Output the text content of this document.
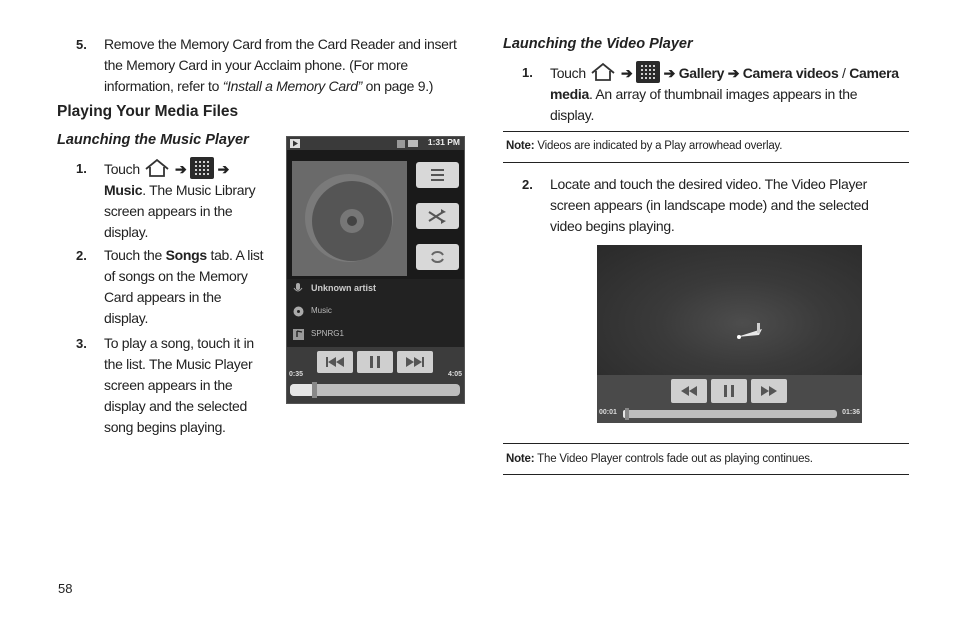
5. Remove the Memory Card from the Card Reader and insert
the Memory Card in your Acclaim phone. (For more
information, refer to “Install a Memory Card” on page 9.)
Playing Your Media Files
Launching the Music Player
1. Touch	➔ ➔
Music. The Music Library
screen appears in the
display.
2. Touch the Songs tab. A list
of songs on the Memory
Card appears in the
display.
3. To play a song, touch it in
the list. The Music Player
screen appears in the
display and the selected
song begins playing.
1:31 PM
Unknown artist
Music
SPNRG1
0:35	4:05
Launching the Video Player
1. Touch	➔ ➔ Gallery ➔ Camera videos / Camera
media. An array of thumbnail images appears in the
display.
Note: Videos are indicated by a Play arrowhead overlay.
2. Locate and touch the desired video. The Video Player
screen appears (in landscape mode) and the selected
video begins playing.
00:01	01:36
Note: The Video Player controls fade out as playing continues.
58
